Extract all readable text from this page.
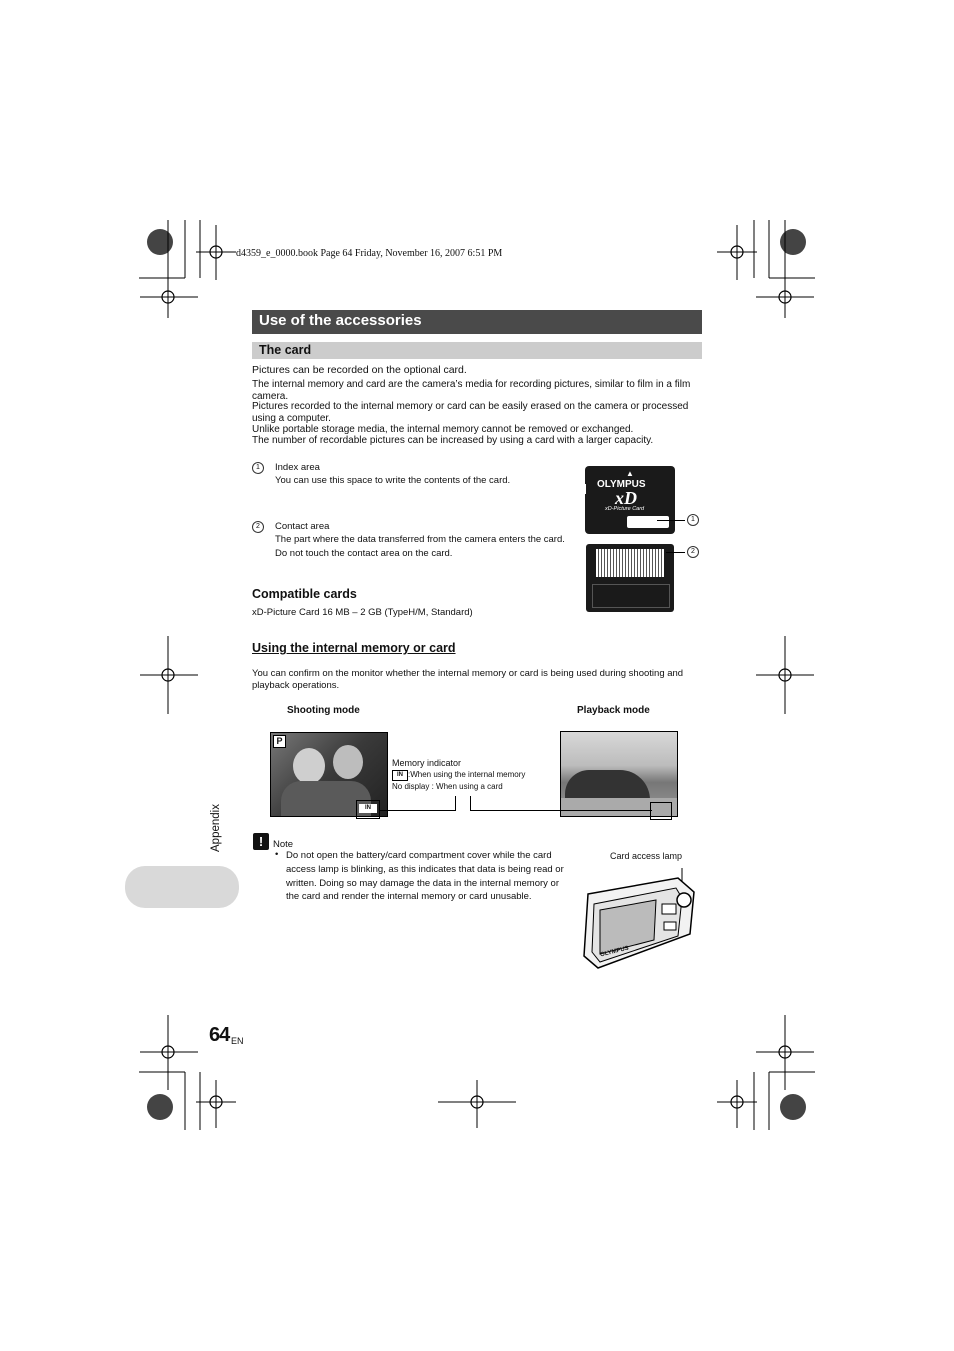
d4359_e_0000.book Page 64 Friday, November 16, 2007 6:51 PM
Use of the accessories
The card
Pictures can be recorded on the optional card.
The internal memory and card are the camera’s media for recording pictures, similar to film in a film camera.
Pictures recorded to the internal memory or card can be easily erased on the camera or processed using a computer.
Unlike portable storage media, the internal memory cannot be removed or exchanged.
The number of recordable pictures can be increased by using a card with a larger capacity.
1	Index area
You can use this space to write the contents of the card.
2	Contact area
The part where the data transferred from the camera enters the card. Do not touch the contact area on the card.
▲
OLYMPUS
xD
xD-Picture Card
1
2
Compatible cards
xD-Picture Card 16 MB – 2 GB (TypeH/M, Standard)
Using the internal memory or card
You can confirm on the monitor whether the internal memory or card is being used during shooting and playback operations.
Shooting mode	Playback mode
P
IN
Memory indicator
IN :When using the internal memory
No display : When using a card
Appendix	!	Note
• Do not open the battery/card compartment cover while the card access lamp is blinking, as this indicates that data is being read or written. Doing so may damage the data in the internal memory or the card and render the internal memory or card unusable.
Card access lamp
OLYMPUS
64 EN
